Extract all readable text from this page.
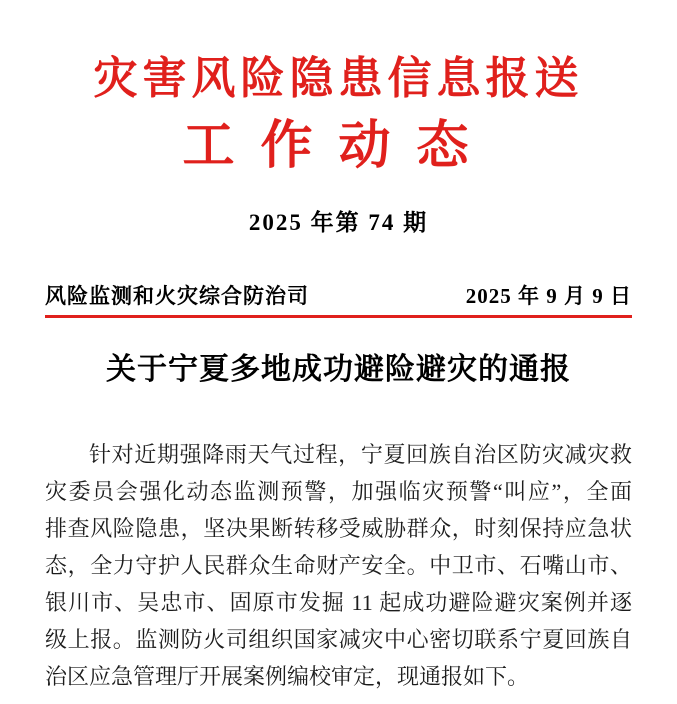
灾害风险隐患信息报送
工作动态
2025 年第 74 期
风险监测和火灾综合防治司	2025 年 9 月 9 日
关于宁夏多地成功避险避灾的通报
针对近期强降雨天气过程，宁夏回族自治区防灾减灾救
灾委员会强化动态监测预警，加强临灾预警“叫应”，全面
排查风险隐患，坚决果断转移受威胁群众，时刻保持应急状
态，全力守护人民群众生命财产安全。中卫市、石嘴山市、
银川市、吴忠市、固原市发掘 11 起成功避险避灾案例并逐
级上报。监测防火司组织国家减灾中心密切联系宁夏回族自
治区应急管理厅开展案例编校审定，现通报如下。
